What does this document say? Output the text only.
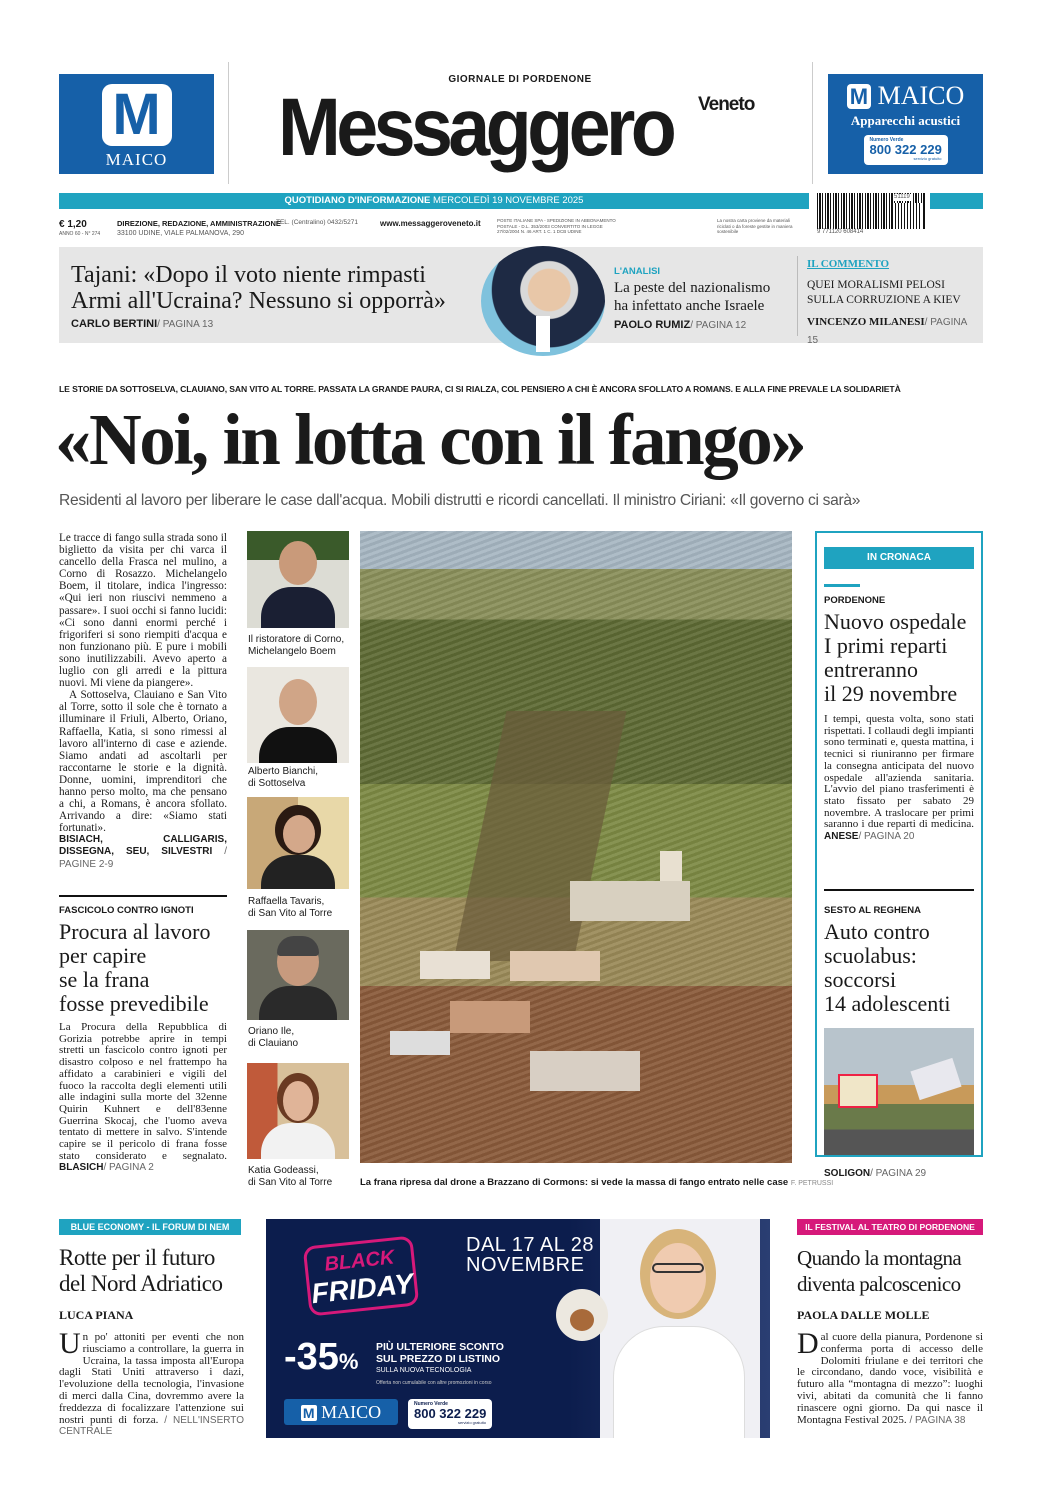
M
MAICO
GIORNALE DI PORDENONE
Messaggero Veneto	M MAICO
Apparecchi acustici
Numero Verde
800 322 229
servizio gratuito
QUOTIDIANO D'INFORMAZIONE MERCOLEDÌ 19 NOVEMBRE 2025
9 771120 608414
51119
€ 1,20
ANNO 60 - N° 274
DIREZIONE, REDAZIONE, AMMINISTRAZIONE
33100 UDINE, VIALE PALMANOVA, 290
TEL. (Centralino) 0432/5271	www.messaggeroveneto.it	POSTE ITALIANE SPA - SPEDIZIONE IN ABBONAMENTO POSTALE - D.L. 353/2003 CONVERTITO IN LEGGE 27/02/2004 N. 46 ART. 1 C. 1 DCB UDINE
La nostra carta proviene da materiali riciclati o da foreste gestite in maniera sostenibile
Tajani: «Dopo il voto niente rimpasti
Armi all'Ucraina? Nessuno si opporrà»
CARLO BERTINI/ PAGINA 13
L'ANALISI
La peste del nazionalismo
ha infettato anche Israele
PAOLO RUMIZ/ PAGINA 12
IL COMMENTO
QUEI MORALISMI PELOSI
SULLA CORRUZIONE A KIEV
VINCENZO MILANESI/ PAGINA 15
LE STORIE DA SOTTOSELVA, CLAUIANO, SAN VITO AL TORRE. PASSATA LA GRANDE PAURA, CI SI RIALZA, COL PENSIERO A CHI È ANCORA SFOLLATO A ROMANS. E ALLA FINE PREVALE LA SOLIDARIETÀ
«Noi, in lotta con il fango»
Residenti al lavoro per liberare le case dall'acqua. Mobili distrutti e ricordi cancellati. Il ministro Ciriani: «Il governo ci sarà»
Le tracce di fango sulla strada sono il biglietto da visita per chi varca il cancello della Frasca nel mulino, a Corno di Rosazzo. Michelangelo Boem, il titolare, indica l'ingresso: «Qui ieri non riuscivi nemmeno a passare». I suoi occhi si fanno lucidi: «Ci sono danni enormi perché i frigoriferi si sono riempiti d'acqua e non funzionano più. E pure i mobili sono inutilizzabili. Avevo aperto a luglio con gli arredi e la pittura nuovi. Mi viene da piangere».
A Sottoselva, Clauiano e San Vito al Torre, sotto il sole che è tornato a illuminare il Friuli, Alberto, Oriano, Raffaella, Katia, si sono rimessi al lavoro all'interno di case e aziende. Siamo andati ad ascoltarli per raccontarne le storie e la dignità. Donne, uomini, imprenditori che hanno perso molto, ma che pensano a chi, a Romans, è ancora sfollato. Arrivando a dire: «Siamo stati fortunati».
BISIACH, CALLIGARIS, DISSEGNA, SEU, SILVESTRI / PAGINE 2-9
Il ristoratore di Corno,
Michelangelo Boem
Alberto Bianchi,
di Sottoselva
Raffaella Tavaris,
di San Vito al Torre
Oriano Ile,
di Clauiano
Katia Godeassi,
di San Vito al Torre	La frana ripresa dal drone a Brazzano di Cormons: si vede la massa di fango entrato nelle case F. PETRUSSI
FASCICOLO CONTRO IGNOTI
Procura al lavoro
per capire
se la frana
fosse prevedibile
La Procura della Repubblica di Gorizia potrebbe aprire in tempi stretti un fascicolo contro ignoti per disastro colposo e nel frattempo ha affidato a carabinieri e vigili del fuoco la raccolta degli elementi utili alle indagini sulla morte del 32enne Quirin Kuhnert e dell'83enne Guerrina Skocaj, che l'uomo aveva tentato di mettere in salvo. S'intende capire se il pericolo di frana fosse stato considerato e segnalato. BLASICH/ PAGINA 2
IN CRONACA
PORDENONE
Nuovo ospedale
I primi reparti
entreranno
il 29 novembre
I tempi, questa volta, sono stati rispettati. I collaudi degli impianti sono terminati e, questa mattina, i tecnici si riuniranno per firmare la consegna anticipata del nuovo ospedale all'azienda sanitaria. L'avvio del piano trasferimenti è stato fissato per sabato 29 novembre. A traslocare per primi saranno i due reparti di medicina. ANESE/ PAGINA 20
SESTO AL REGHENA
Auto contro
scuolabus:
soccorsi
14 adolescenti
SOLIGON/ PAGINA 29
BLUE ECONOMY - IL FORUM DI NEM
Rotte per il futuro
del Nord Adriatico
LUCA PIANA
Un po' attoniti per eventi che non riusciamo a controllare, la guerra in Ucraina, la tassa imposta all'Europa dagli Stati Uniti attraverso i dazi, l'evoluzione della tecnologia, l'invasione di merci dalla Cina, dovremmo avere la freddezza di focalizzare l'attenzione sui nostri punti di forza. / NELL'INSERTO CENTRALE
BLACK
FRIDAY
DAL 17 AL 28
NOVEMBRE
-35%
PIÙ ULTERIORE SCONTO
SUL PREZZO DI LISTINO
SULLA NUOVA TECNOLOGIA
Offerta non cumulabile con altre promozioni in corso
M MAICO	Numero Verde
800 322 229
servizio gratuito
IL FESTIVAL AL TEATRO DI PORDENONE
Quando la montagna
diventa palcoscenico
PAOLA DALLE MOLLE
Dal cuore della pianura, Pordenone si conferma porta di accesso delle Dolomiti friulane e dei territori che le circondano, dando voce, visibilità e futuro alla “montagna di mezzo”: luoghi vivi, abitati da comunità che li fanno rinascere ogni giorno. Da qui nasce il Montagna Festival 2025. / PAGINA 38
